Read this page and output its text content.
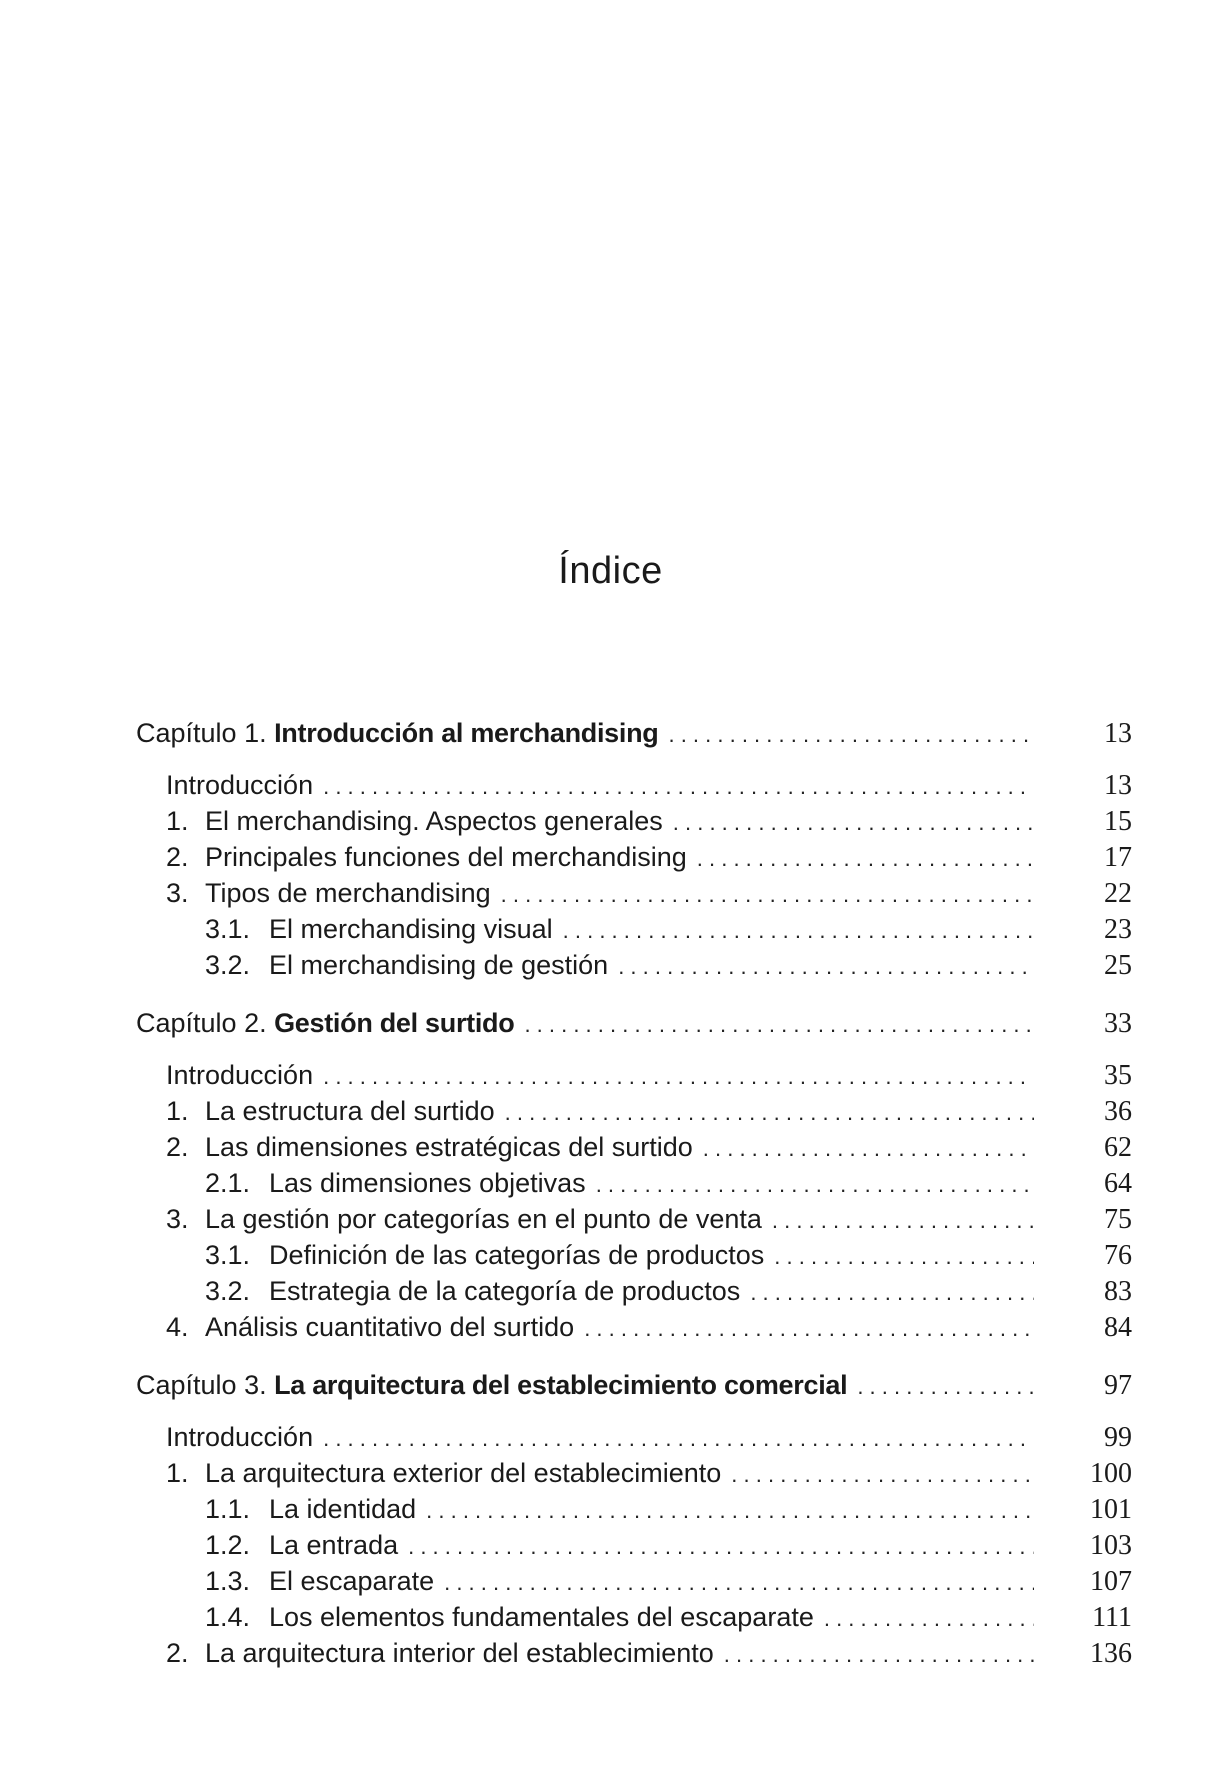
Índice
Capítulo 1. Introducción al merchandising . . .	13
Introducción . . .	13
1. El merchandising. Aspectos generales . . .	15
2. Principales funciones del merchandising . . .	17
3. Tipos de merchandising . . .	22
3.1. El merchandising visual . . .	23
3.2. El merchandising de gestión . . .	25
Capítulo 2. Gestión del surtido . . .	33
Introducción . . .	35
1. La estructura del surtido . . .	36
2. Las dimensiones estratégicas del surtido . . .	62
2.1. Las dimensiones objetivas . . .	64
3. La gestión por categorías en el punto de venta . . .	75
3.1. Definición de las categorías de productos . . .	76
3.2. Estrategia de la categoría de productos . . .	83
4. Análisis cuantitativo del surtido . . .	84
Capítulo 3. La arquitectura del establecimiento comercial . . .	97
Introducción . . .	99
1. La arquitectura exterior del establecimiento . . .	100
1.1. La identidad . . .	101
1.2. La entrada . . .	103
1.3. El escaparate . . .	107
1.4. Los elementos fundamentales del escaparate . . .	111
2. La arquitectura interior del establecimiento . . .	136
